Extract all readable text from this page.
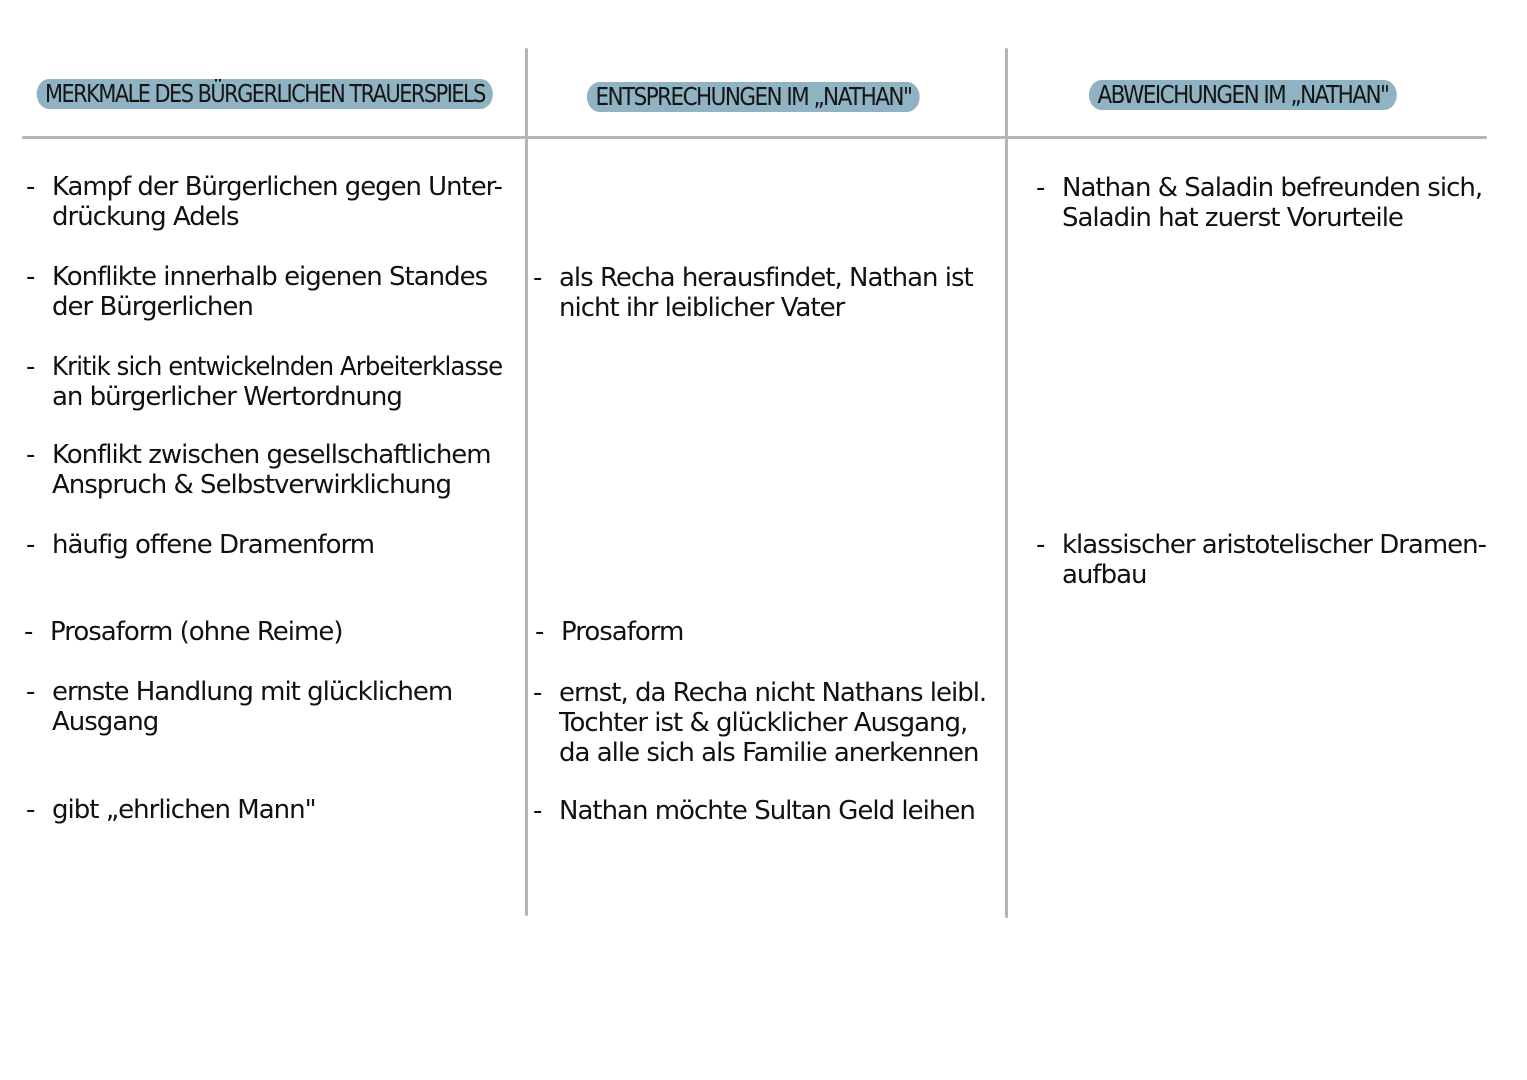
MERKMALE DES BÜRGERLICHEN TRAUERSPIELS	ENTSPRECHUNGEN IM „NATHAN"	ABWEICHUNGEN IM „NATHAN"
- Kampf der Bürgerlichen gegen Unter-
drückung Adels
- Konflikte innerhalb eigenen Standes
der Bürgerlichen
- Kritik sich entwickelnden Arbeiterklasse
an bürgerlicher Wertordnung
- Konflikt zwischen gesellschaftlichem
Anspruch & Selbstverwirklichung
- häufig offene Dramenform
- Prosaform (ohne Reime)
- ernste Handlung mit glücklichem
Ausgang
- gibt „ehrlichen Mann"
- als Recha herausfindet, Nathan ist
nicht ihr leiblicher Vater
- Prosaform
- ernst, da Recha nicht Nathans leibl.
Tochter ist & glücklicher Ausgang,
da alle sich als Familie anerkennen
- Nathan möchte Sultan Geld leihen
- Nathan & Saladin befreunden sich,
Saladin hat zuerst Vorurteile
- klassischer aristotelischer Dramen-
aufbau
